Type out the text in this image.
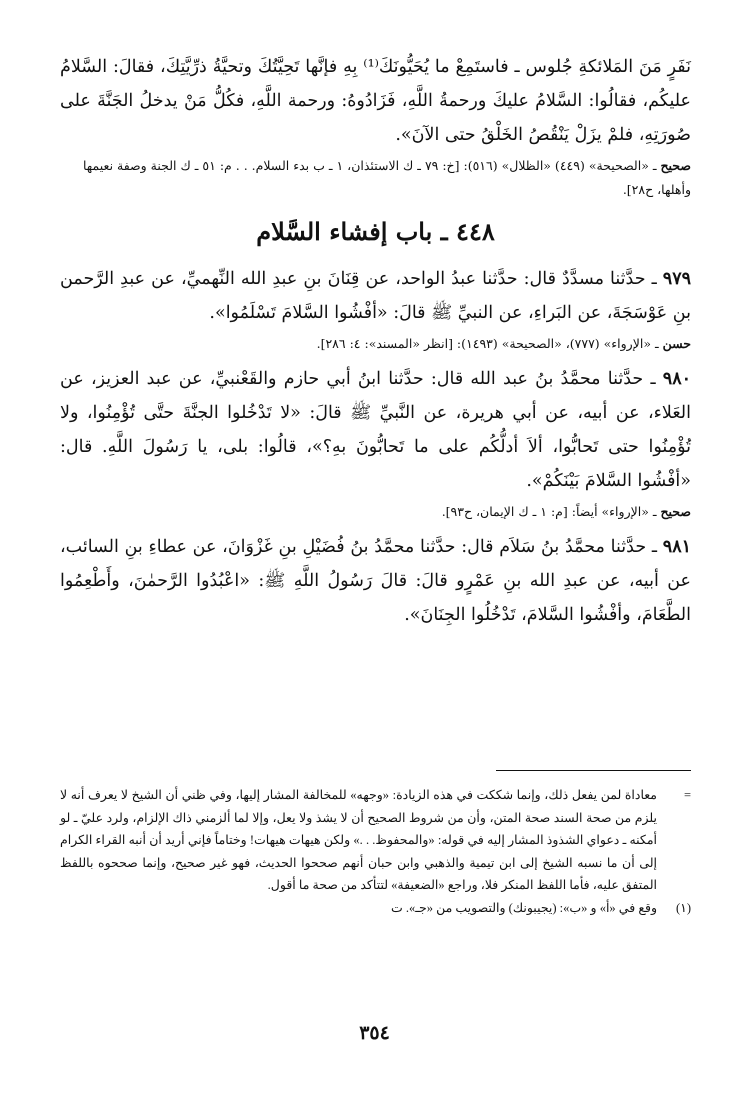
نَفَرٍ مَنَ المَلائكةِ جُلوس ـ فاستَمِعْ ما يُحَيُّونَكَ⁽¹⁾ بِهِ فإنَّها تَحِيَّتُكَ وتحيَّةُ ذرِّيَّتِكَ، فقالَ: السَّلامُ عليكُم، فقالُوا: السَّلامُ عليكَ ورحمةُ اللَّهِ، فَزَادُوهُ: ورحمة اللَّهِ، فكُلُّ مَنْ يدخلُ الجَنَّةَ على صُورَتِهِ، فلمْ يزَلْ يَنْقُصُ الخَلْقُ حتى الآنَ».

صحيح ـ «الصحيحة» (٤٤٩) «الظلال» (٥١٦): [خ: ٧٩ ـ ك الاستئذان، ١ ـ ب بدء السلام. . . م: ٥١ ـ ك الجنة وصفة نعيمها وأهلها، ح٢٨].
٤٤٨ ـ باب إفشاء السَّلام

٩٧٩ ـ حدَّثنا مسدَّدٌ قال: حدَّثنا عبدُ الواحد، عن قِنَانَ بنِ عبدِ الله النِّهميِّ، عن عبدِ الرَّحمن بنِ عَوْسَجَةَ، عن البَراءِ، عن النبيِّ ﷺ قالَ: «أفْشُوا السَّلامَ تَسْلَمُوا».

حسن ـ «الإرواء» (٧٧٧)، «الصحيحة» (١٤٩٣): [انظر «المسند»: ٤: ٢٨٦].

٩٨٠ ـ حدَّثنا محمَّدُ بنُ عبد الله قال: حدَّثنا ابنُ أبي حازم والقَعْنبيِّ، عن عبد العزيز، عن العَلاء، عن أبيه، عن أبي هريرة، عن النَّبيِّ ﷺ قالَ: «لا تَدْخُلوا الجنَّةَ حتَّى تُؤْمِنُوا، ولا تُؤْمِنُوا حتى تَحابُّوا، ألاَ أدلُّكُم على ما تَحابُّونَ بهِ؟»، قالُوا: بلى، يا رَسُولَ اللَّهِ. قال: «أفْشُوا السَّلامَ بَيْنَكُمْ».

صحيح ـ «الإرواء» أيضاً: [م: ١ ـ ك الإيمان، ح٩٣].

٩٨١ ـ حدَّثنا محمَّدُ بنُ سَلاَم قال: حدَّثنا محمَّدُ بنُ فُضَيْلِ بنِ غَزْوَانَ، عن عطاءِ بنِ السائب، عن أبيه، عن عبدِ الله بنِ عَمْرٍو قالَ: قالَ رَسُولُ اللَّهِ ﷺ: «اعْبُدُوا الرَّحمٰنَ، وأَطْعِمُوا الطَّعَامَ، وأفْشُوا السَّلامَ، تَدْخُلُوا الجِنَانَ».

=
معاداة لمن يفعل ذلك، وإنما شككت في هذه الزيادة: «وجهه» للمخالفة المشار إليها، وفي ظني أن الشيخ لا يعرف أنه لا يلزم من صحة السند صحة المتن، وأن من شروط الصحيح أن لا يشذ ولا يعل، وإلا لما ألزمني ذاك الإلزام، ولرد عليّ ـ لو أمكنه ـ دعواي الشذوذ المشار إليه في قوله: «والمحفوظ. . .» ولكن هيهات هيهات! وختاماً فإني أريد أن أنبه القراء الكرام إلى أن ما نسبه الشيخ إلى ابن تيمية والذهبي وابن حبان أنهم صححوا الحديث، فهو غير صحيح، وإنما صححوه باللفظ المتفق عليه، فأما اللفظ المنكر فلا، وراجع «الضعيفة» لتتأكد من صحة ما أقول.
(١)
وقع في «أ» و «ب»: (يجيبونك) والتصويب من «جـ». ت
٣٥٤
